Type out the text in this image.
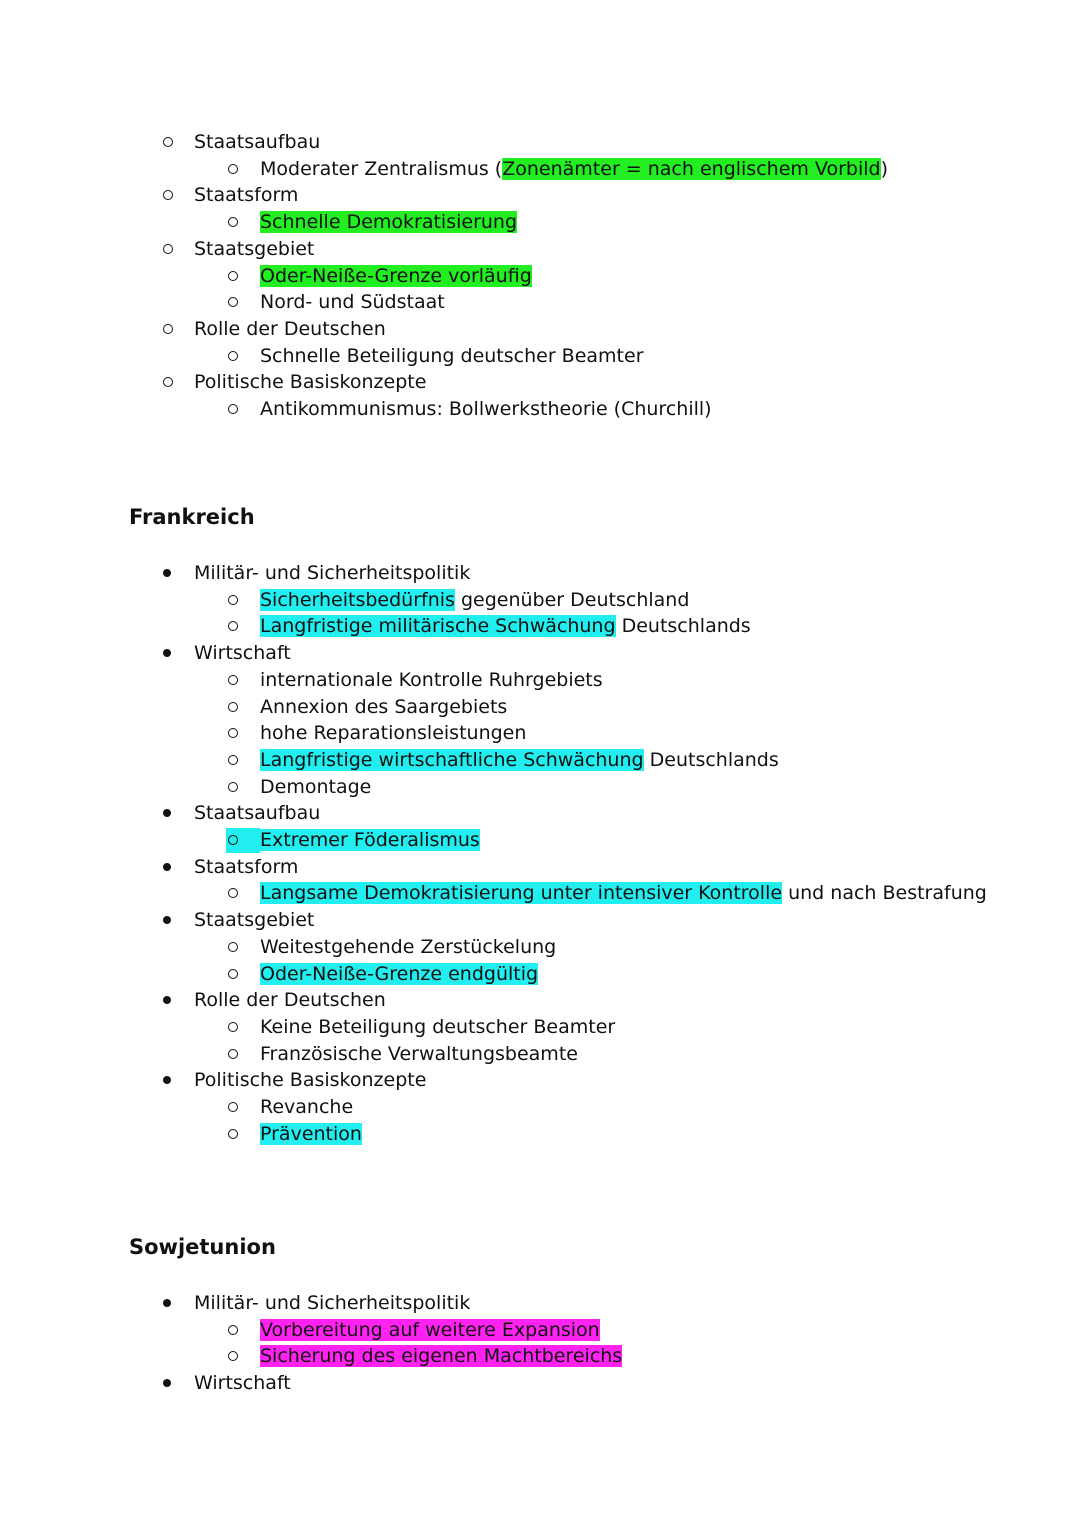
Staatsaufbau
Moderater Zentralismus (Zonenämter = nach englischem Vorbild)
Staatsform
Schnelle Demokratisierung
Staatsgebiet
Oder-Neiße-Grenze vorläufig
Nord- und Südstaat
Rolle der Deutschen
Schnelle Beteiligung deutscher Beamter
Politische Basiskonzepte
Antikommunismus: Bollwerkstheorie (Churchill)
Frankreich
Militär- und Sicherheitspolitik
Sicherheitsbedürfnis gegenüber Deutschland
Langfristige militärische Schwächung Deutschlands
Wirtschaft
internationale Kontrolle Ruhrgebiets
Annexion des Saargebiets
hohe Reparationsleistungen
Langfristige wirtschaftliche Schwächung Deutschlands
Demontage
Staatsaufbau
Extremer Föderalismus
Staatsform
Langsame Demokratisierung unter intensiver Kontrolle und nach Bestrafung
Staatsgebiet
Weitestgehende Zerstückelung
Oder-Neiße-Grenze endgültig
Rolle der Deutschen
Keine Beteiligung deutscher Beamter
Französische Verwaltungsbeamte
Politische Basiskonzepte
Revanche
Prävention
Sowjetunion
Militär- und Sicherheitspolitik
Vorbereitung auf weitere Expansion
Sicherung des eigenen Machtbereichs
Wirtschaft
